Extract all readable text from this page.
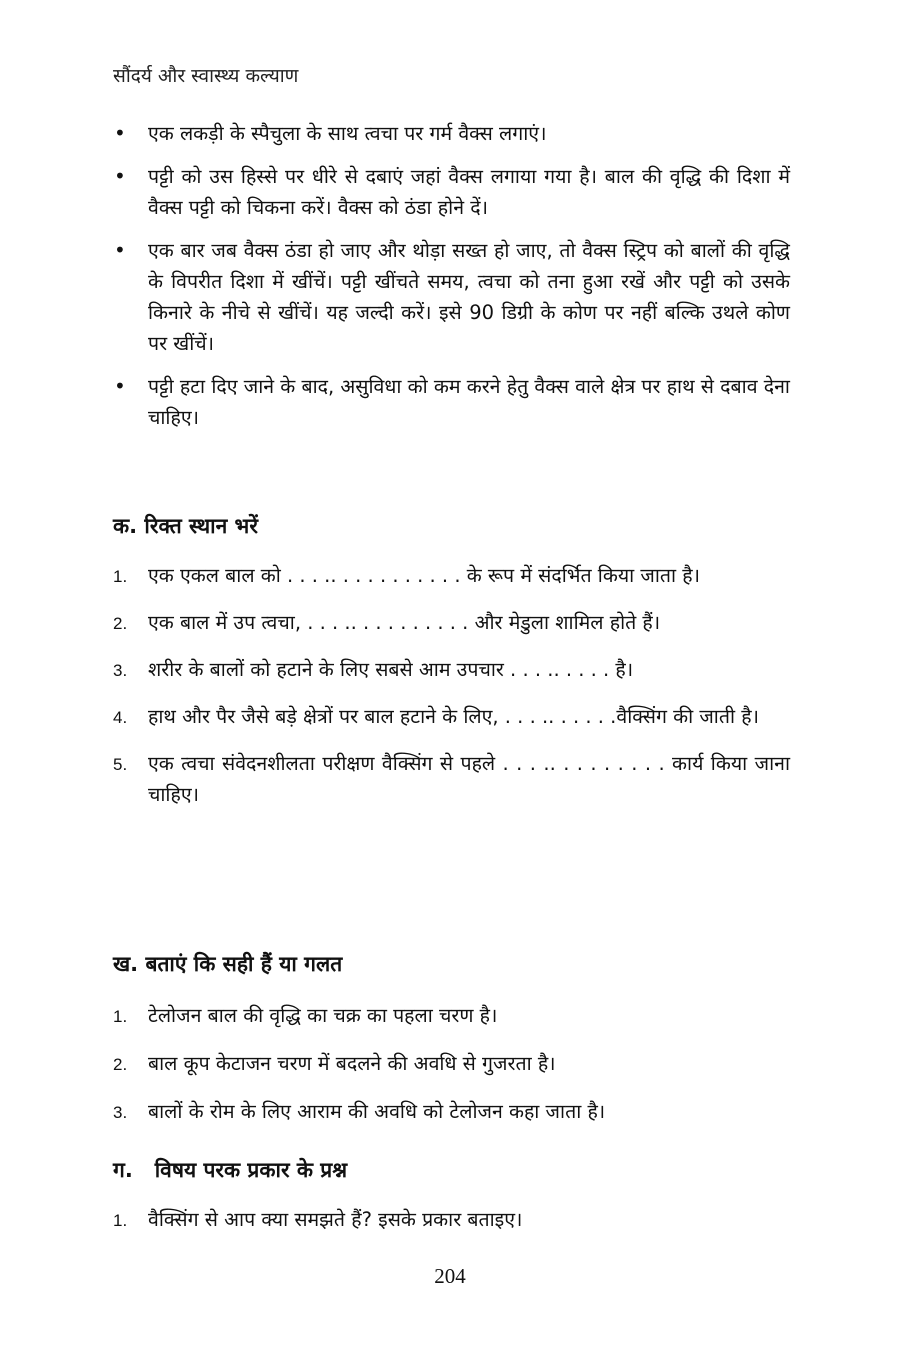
सौंदर्य और स्वास्थ्य कल्याण
• एक लकड़ी के स्पैचुला के साथ त्वचा पर गर्म वैक्स लगाएं।
• पट्टी को उस हिस्से पर धीरे से दबाएं जहां वैक्स लगाया गया है। बाल की वृद्धि की दिशा में वैक्स पट्टी को चिकना करें। वैक्स को ठंडा होने दें।
• एक बार जब वैक्स ठंडा हो जाए और थोड़ा सख्त हो जाए, तो वैक्स स्ट्रिप को बालों की वृद्धि के विपरीत दिशा में खींचें। पट्टी खींचते समय, त्वचा को तना हुआ रखें और पट्टी को उसके किनारे के नीचे से खींचें। यह जल्दी करें। इसे 90 डिग्री के कोण पर नहीं बल्कि उथले कोण पर खींचें।
• पट्टी हटा दिए जाने के बाद, असुविधा को कम करने हेतु वैक्स वाले क्षेत्र पर हाथ से दबाव देना चाहिए।
क. रिक्त स्थान भरें
1. एक एकल बाल को . . . .. . . . . . . . . . . के रूप में संदर्भित किया जाता है।
2. एक बाल में उप त्वचा, . . . .. . . . . . . . . . और मेडुला शामिल होते हैं।
3. शरीर के बालों को हटाने के लिए सबसे आम उपचार . . . .. . . . . है।
4. हाथ और पैर जैसे बड़े क्षेत्रों पर बाल हटाने के लिए, . . . .. . . . . .वैक्सिंग की जाती है।
5. एक त्वचा संवेदनशीलता परीक्षण वैक्सिंग से पहले . . . .. . . . . . . . . कार्य किया जाना चाहिए।
ख. बताएं कि सही हैं या गलत
1. टेलोजन बाल की वृद्धि का चक्र का पहला चरण है।
2. बाल कूप केटाजन चरण में बदलने की अवधि से गुजरता है।
3. बालों के रोम के लिए आराम की अवधि को टेलोजन कहा जाता है।
ग.   विषय परक प्रकार के प्रश्न
1. वैक्सिंग से आप क्या समझते हैं? इसके प्रकार बताइए।
204
